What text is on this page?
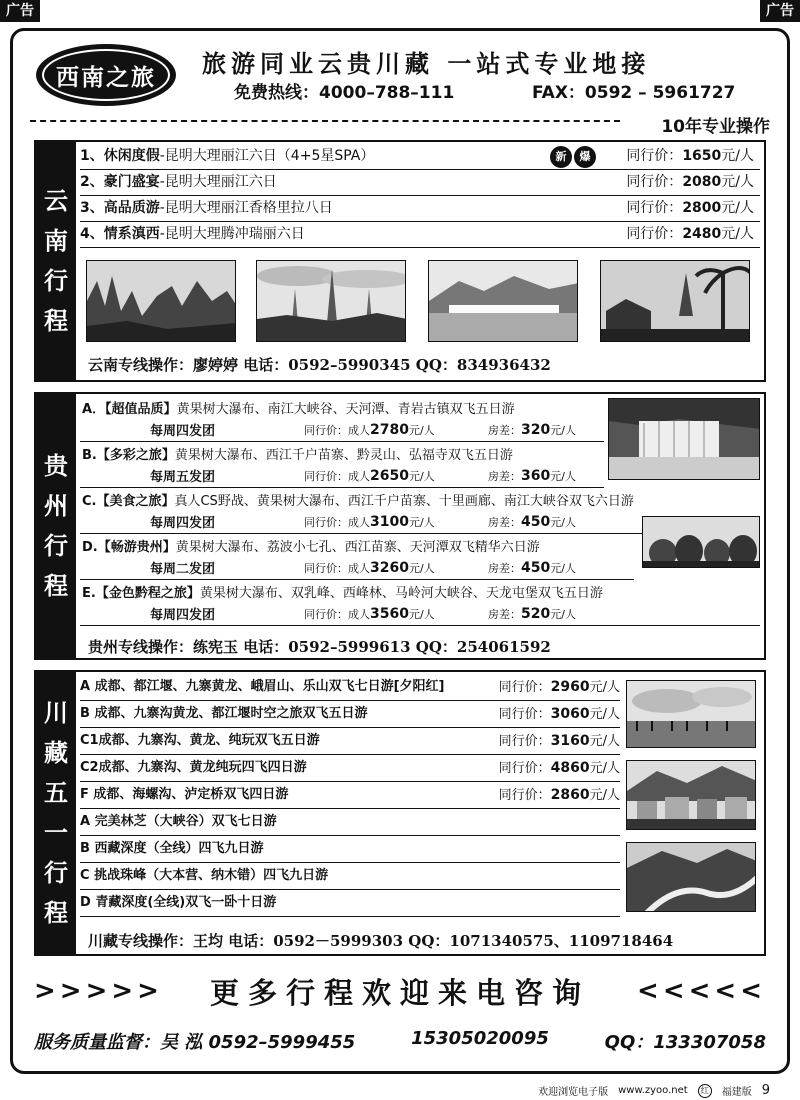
广告	广告
西南之旅	旅游同业云贵川藏 一站式专业地接
免费热线：4000–788–111	FAX：0592 – 5961727
10年专业操作
云
南
行
程
1、休闲度假-昆明大理丽江六日（4+5星SPA）	新	爆	同行价：1650元/人
2、豪门盛宴-昆明大理丽江六日	同行价：2080元/人
3、高品质游-昆明大理丽江香格里拉八日	同行价：2800元/人
4、情系滇西-昆明大理腾冲瑞丽六日	同行价：2480元/人
云南专线操作：廖婷婷 电话：0592–5990345 QQ：834936432
贵
州
行
程
A．【超值品质】黄果树大瀑布、南江大峡谷、天河潭、青岩古镇双飞五日游
每周四发团	同行价：成人2780元/人	房差：320元/人
B.【多彩之旅】黄果树大瀑布、西江千户苗寨、黔灵山、弘福寺双飞五日游
每周五发团	同行价：成人2650元/人	房差：360元/人
C.【美食之旅】真人CS野战、黄果树大瀑布、西江千户苗寨、十里画廊、南江大峡谷双飞六日游
每周四发团	同行价：成人3100元/人	房差：450元/人
D.【畅游贵州】黄果树大瀑布、荔波小七孔、西江苗寨、天河潭双飞精华六日游
每周二发团	同行价：成人3260元/人	房差：450元/人
E.【金色黔程之旅】黄果树大瀑布、双乳峰、西峰林、马岭河大峡谷、天龙屯堡双飞五日游
每周四发团	同行价：成人3560元/人	房差：520元/人
贵州专线操作：练宪玉 电话：0592–5999613 QQ：254061592
川
藏
五
一
行
程
A 成都、都江堰、九寨黄龙、峨眉山、乐山双飞七日游[夕阳红]	同行价：2960元/人
B 成都、九寨沟黄龙、都江堰时空之旅双飞五日游	同行价：3060元/人
C1成都、九寨沟、黄龙、纯玩双飞五日游	同行价：3160元/人
C2成都、九寨沟、黄龙纯玩四飞四日游	同行价：4860元/人
F 成都、海螺沟、泸定桥双飞四日游	同行价：2860元/人
A 完美林芝（大峡谷）双飞七日游
B 西藏深度（全线）四飞九日游
C 挑战珠峰（大本营、纳木错）四飞九日游
D 青藏深度(全线)双飞一卧十日游
川藏专线操作：王均 电话：0592－5999303 QQ：1071340575、1109718464
>>>>> 更多行程欢迎来电咨询 <<<<<
服务质量监督：吴 泓 0592–5999455	15305020095	QQ：133307058
欢迎浏览电子版 www.zyoo.net	红	福建版 9
